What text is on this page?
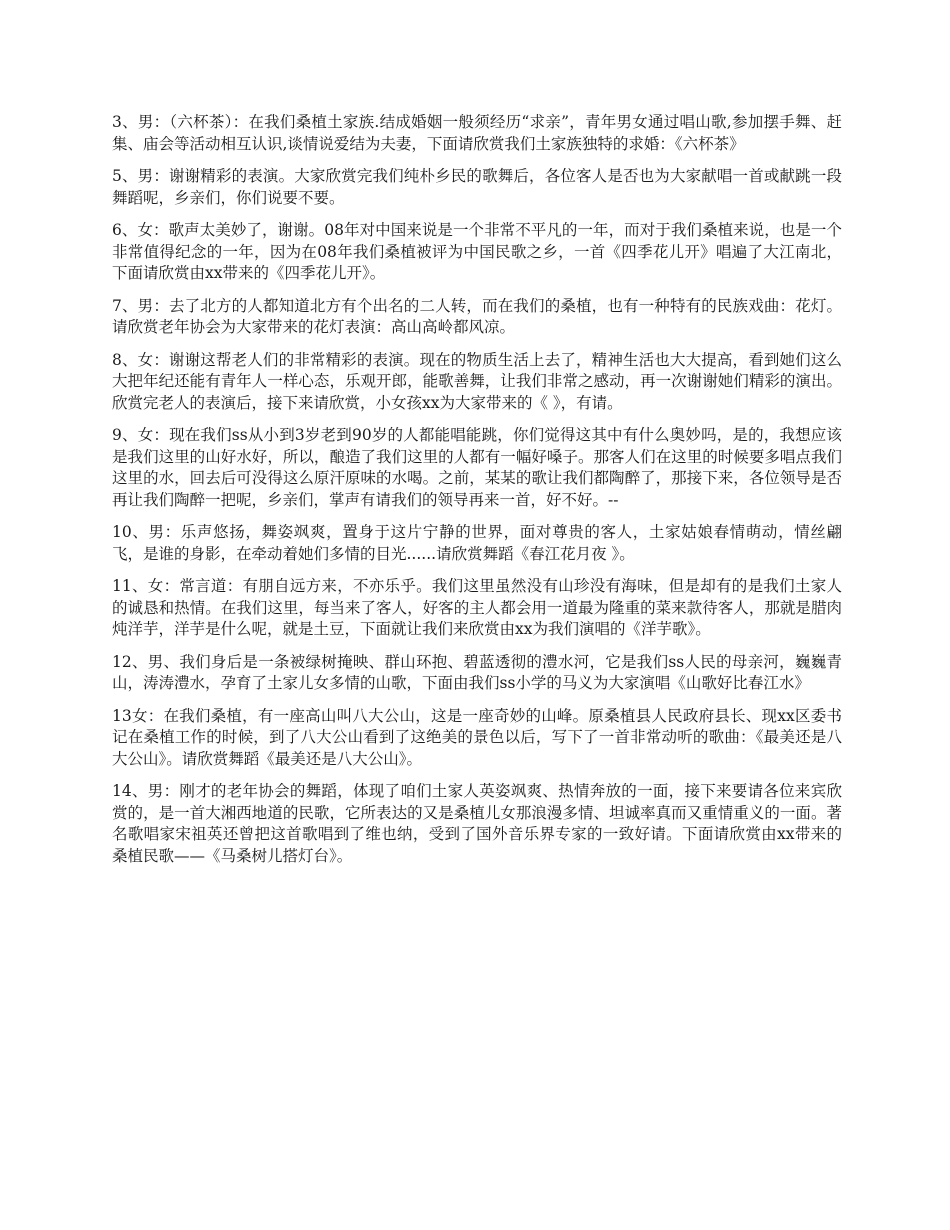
3、男：（六杯茶）：在我们桑植土家族.结成婚姻一般须经历“求亲”，青年男女通过唱山歌,参加摆手舞、赶集、庙会等活动相互认识,谈情说爱结为夫妻，下面请欣赏我们土家族独特的求婚：《六杯茶》

5、男：谢谢精彩的表演。大家欣赏完我们纯朴乡民的歌舞后，各位客人是否也为大家献唱一首或献跳一段舞蹈呢，乡亲们，你们说要不要。

6、女：歌声太美妙了，谢谢。08年对中国来说是一个非常不平凡的一年，而对于我们桑植来说，也是一个非常值得纪念的一年，因为在08年我们桑植被评为中国民歌之乡，一首《四季花儿开》唱遍了大江南北，下面请欣赏由xx带来的《四季花儿开》。

7、男：去了北方的人都知道北方有个出名的二人转，而在我们的桑植，也有一种特有的民族戏曲：花灯。请欣赏老年协会为大家带来的花灯表演：高山高岭都风凉。

8、女：谢谢这帮老人们的非常精彩的表演。现在的物质生活上去了，精神生活也大大提高，看到她们这么大把年纪还能有青年人一样心态，乐观开郎，能歌善舞，让我们非常之感动，再一次谢谢她们精彩的演出。欣赏完老人的表演后，接下来请欣赏，小女孩xx为大家带来的《 》，有请。

9、女：现在我们ss从小到3岁老到90岁的人都能唱能跳，你们觉得这其中有什么奥妙吗，是的，我想应该是我们这里的山好水好，所以，酿造了我们这里的人都有一幅好嗓子。那客人们在这里的时候要多唱点我们这里的水，回去后可没得这么原汗原味的水喝。之前，某某的歌让我们都陶醉了，那接下来，各位领导是否再让我们陶醉一把呢，乡亲们，掌声有请我们的领导再来一首，好不好。--

10、男：乐声悠扬，舞姿飒爽，置身于这片宁静的世界，面对尊贵的客人，土家姑娘春情萌动，情丝翩飞，是谁的身影，在牵动着她们多情的目光......请欣赏舞蹈《春江花月夜 》。

11、女：常言道：有朋自远方来，不亦乐乎。我们这里虽然没有山珍没有海味，但是却有的是我们土家人的诚恳和热情。在我们这里，每当来了客人，好客的主人都会用一道最为隆重的菜来款待客人，那就是腊肉炖洋芋，洋芋是什么呢，就是土豆，下面就让我们来欣赏由xx为我们演唱的《洋芋歌》。

12、男、我们身后是一条被绿树掩映、群山环抱、碧蓝透彻的澧水河，它是我们ss人民的母亲河，巍巍青山，涛涛澧水，孕育了土家儿女多情的山歌，下面由我们ss小学的马义为大家演唱《山歌好比春江水》

13女：在我们桑植，有一座高山叫八大公山，这是一座奇妙的山峰。原桑植县人民政府县长、现xx区委书记在桑植工作的时候，到了八大公山看到了这绝美的景色以后，写下了一首非常动听的歌曲：《最美还是八大公山》。请欣赏舞蹈《最美还是八大公山》。

14、男：刚才的老年协会的舞蹈，体现了咱们土家人英姿飒爽、热情奔放的一面，接下来要请各位来宾欣赏的，是一首大湘西地道的民歌，它所表达的又是桑植儿女那浪漫多情、坦诚率真而又重情重义的一面。著名歌唱家宋祖英还曾把这首歌唱到了维也纳，受到了国外音乐界专家的一致好请。下面请欣赏由xx带来的桑植民歌——《马桑树儿搭灯台》。
